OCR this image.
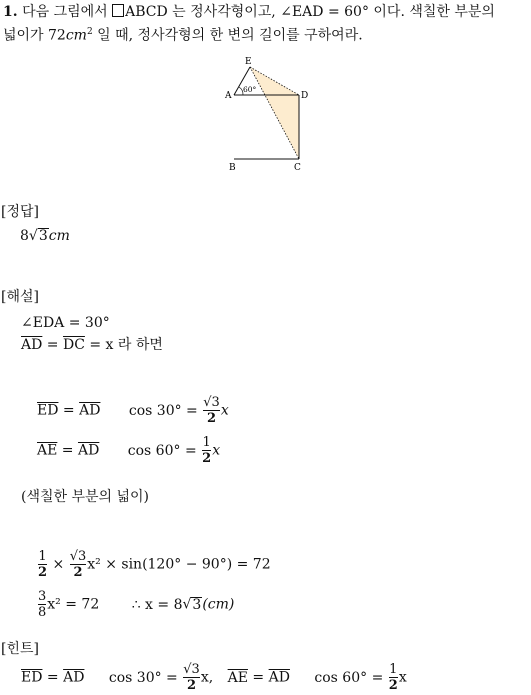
1. 다음 그림에서 ABCD 는 정사각형이고, ∠EAD = 60° 이다. 색칠한 부분의
넓이가 $72cm^2$ 일 때, 정사각형의 한 변의 길이를 구하여라.
E
A	D
B	C
60°
[정답]
8√3cm
[해설]
∠EDA = 30°
$\overline{AD} = \overline{DC} = x$ 라 하면
$\overline{ED} = \overline{AD}$ $\cos 30^\circ = \frac{√3}{2}$ x
$\overline{AE} = \overline{AD}$ $\cos 60^\circ = \frac{1}{2}$ x
(색칠한 부분의 넓이)
$\frac{1}{2} \times \frac{√3}{2} x^2 \times \sin(120^\circ - 90^\circ) = 72$
$\frac{3}{8} x^2 = 72$ ∴ x = 8√3(cm)
[힌트]
$\overline{ED} = \overline{AD}$ $\cos 30^\circ = \frac{√3}{2} x$, $\overline{AE} = \overline{AD}$ $\cos 60^\circ = \frac{1}{2}$ x
